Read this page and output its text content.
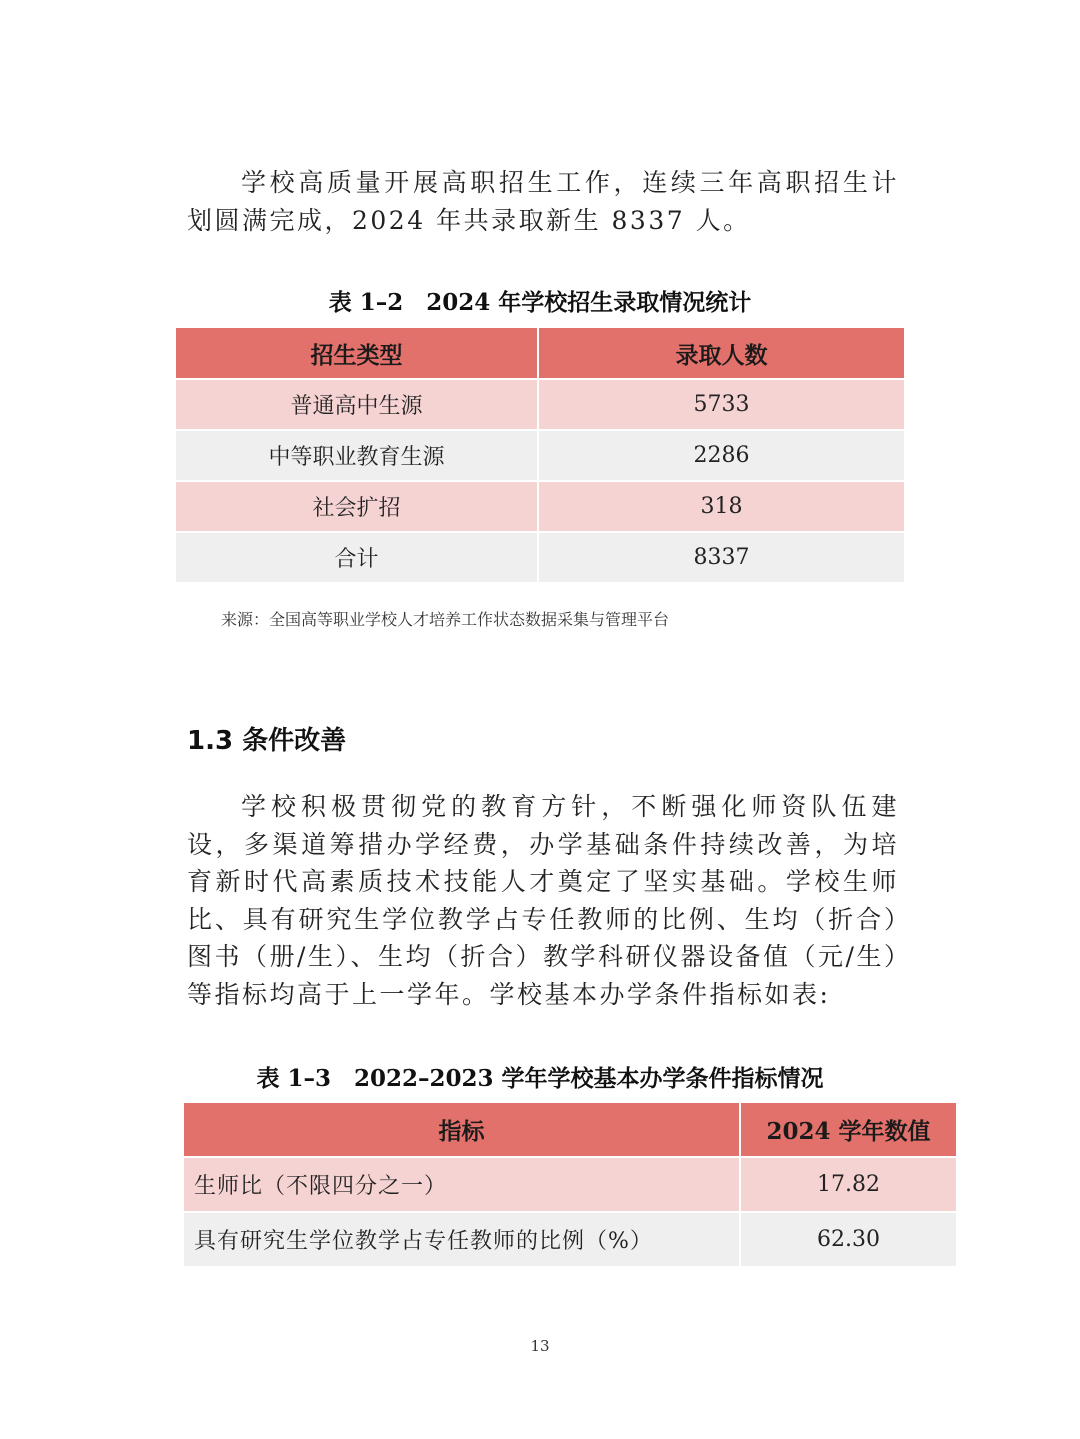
学校高质量开展高职招生工作，连续三年高职招生计划圆满完成，2024 年共录取新生 8337 人。

表 1–2　2024 年学校招生录取情况统计
招生类型	录取人数
普通高中生源	5733
中等职业教育生源	2286
社会扩招	318
合计	8337
来源：全国高等职业学校人才培养工作状态数据采集与管理平台
1.3 条件改善

学校积极贯彻党的教育方针，不断强化师资队伍建设，多渠道筹措办学经费，办学基础条件持续改善，为培育新时代高素质技术技能人才奠定了坚实基础。学校生师比、具有研究生学位教学占专任教师的比例、生均（折合）图书（册/生）、生均（折合）教学科研仪器设备值（元/生）等指标均高于上一学年。学校基本办学条件指标如表:

表 1–3　2022–2023 学年学校基本办学条件指标情况
指标	2024 学年数值
生师比（不限四分之一）	17.82
具有研究生学位教学占专任教师的比例（%）	62.30
13
